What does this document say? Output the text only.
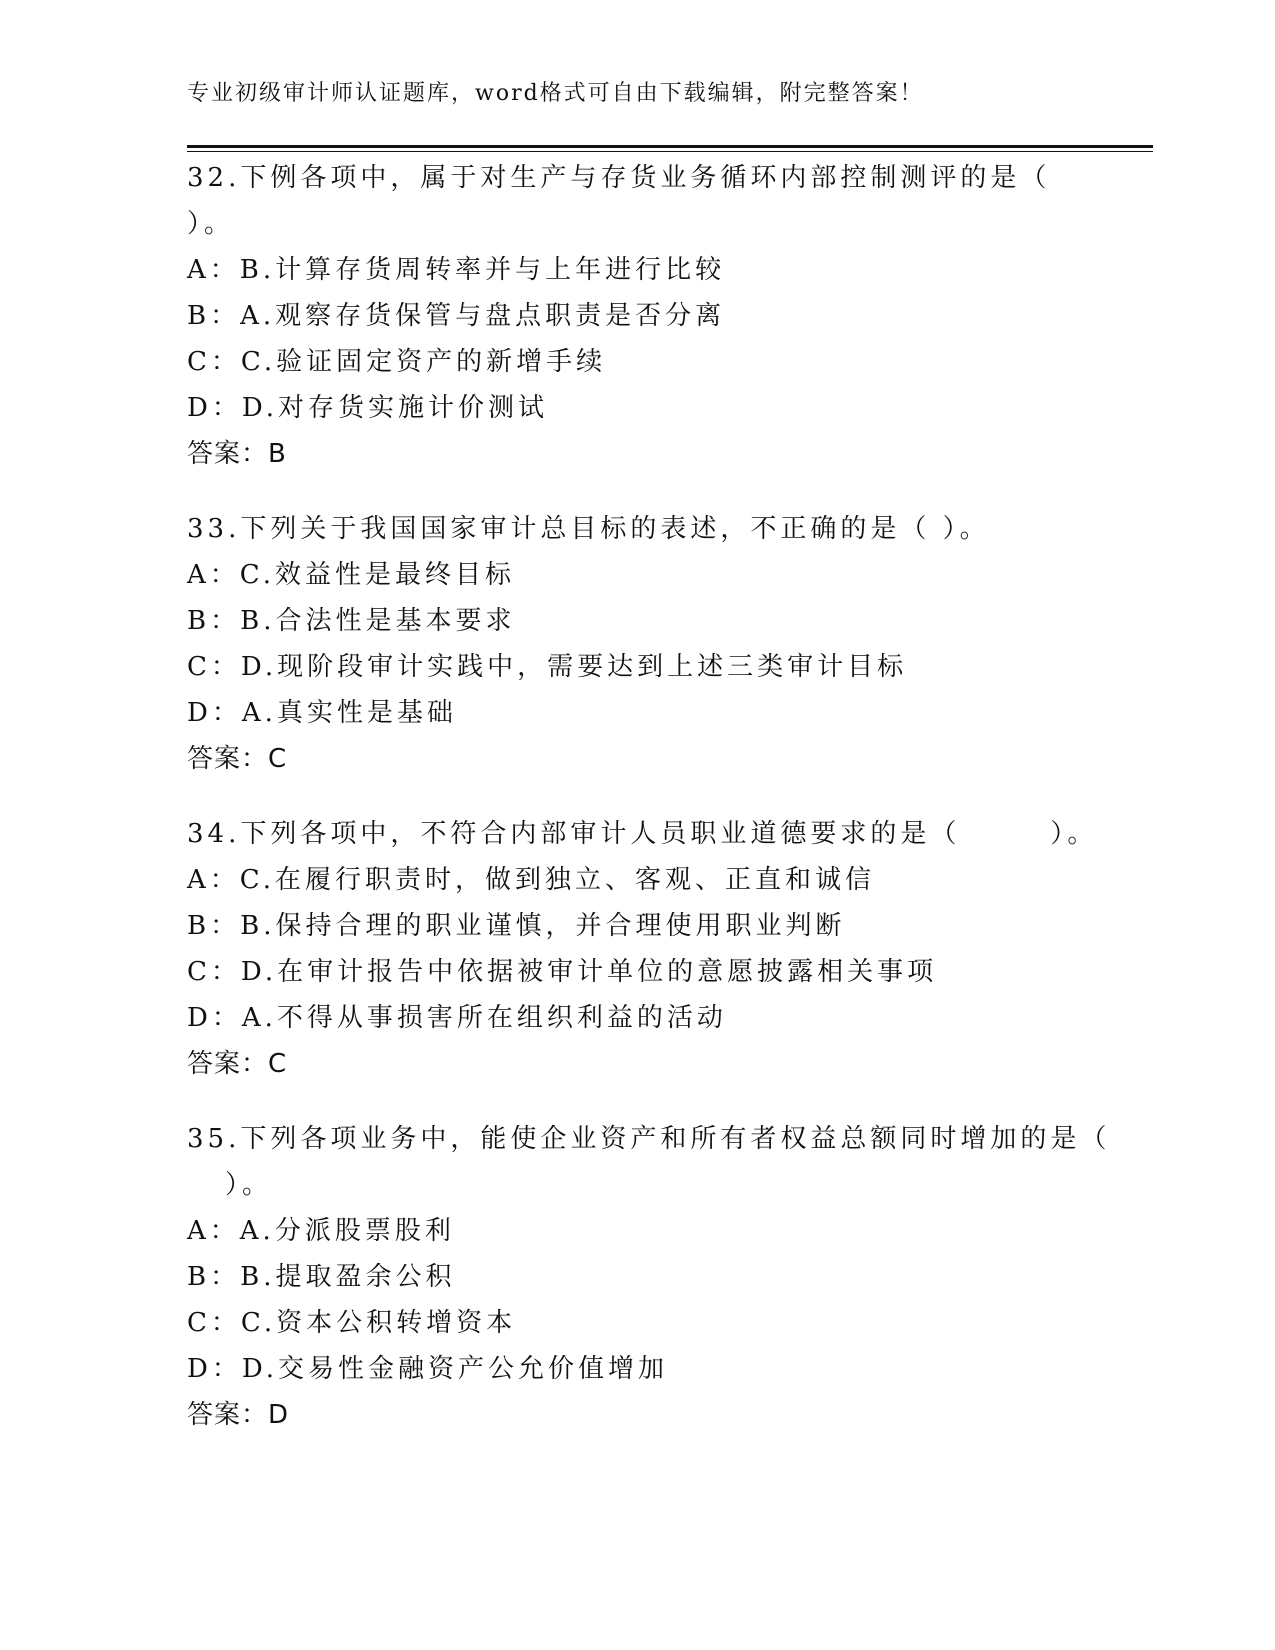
专业初级审计师认证题库，word格式可自由下载编辑，附完整答案！
32.下例各项中，属于对生产与存货业务循环内部控制测评的是（
）。
A：B.计算存货周转率并与上年进行比较
B：A.观察存货保管与盘点职责是否分离
C：C.验证固定资产的新增手续
D：D.对存货实施计价测试
答案：B
33.下列关于我国国家审计总目标的表述，不正确的是（ ）。
A：C.效益性是最终目标
B：B.合法性是基本要求
C：D.现阶段审计实践中，需要达到上述三类审计目标
D：A.真实性是基础
答案：C
34.下列各项中，不符合内部审计人员职业道德要求的是（　　　）。
A：C.在履行职责时，做到独立、客观、正直和诚信
B：B.保持合理的职业谨慎，并合理使用职业判断
C：D.在审计报告中依据被审计单位的意愿披露相关事项
D：A.不得从事损害所在组织利益的活动
答案：C
35.下列各项业务中，能使企业资产和所有者权益总额同时增加的是（
）。
A：A.分派股票股利
B：B.提取盈余公积
C：C.资本公积转增资本
D：D.交易性金融资产公允价值增加
答案：D
